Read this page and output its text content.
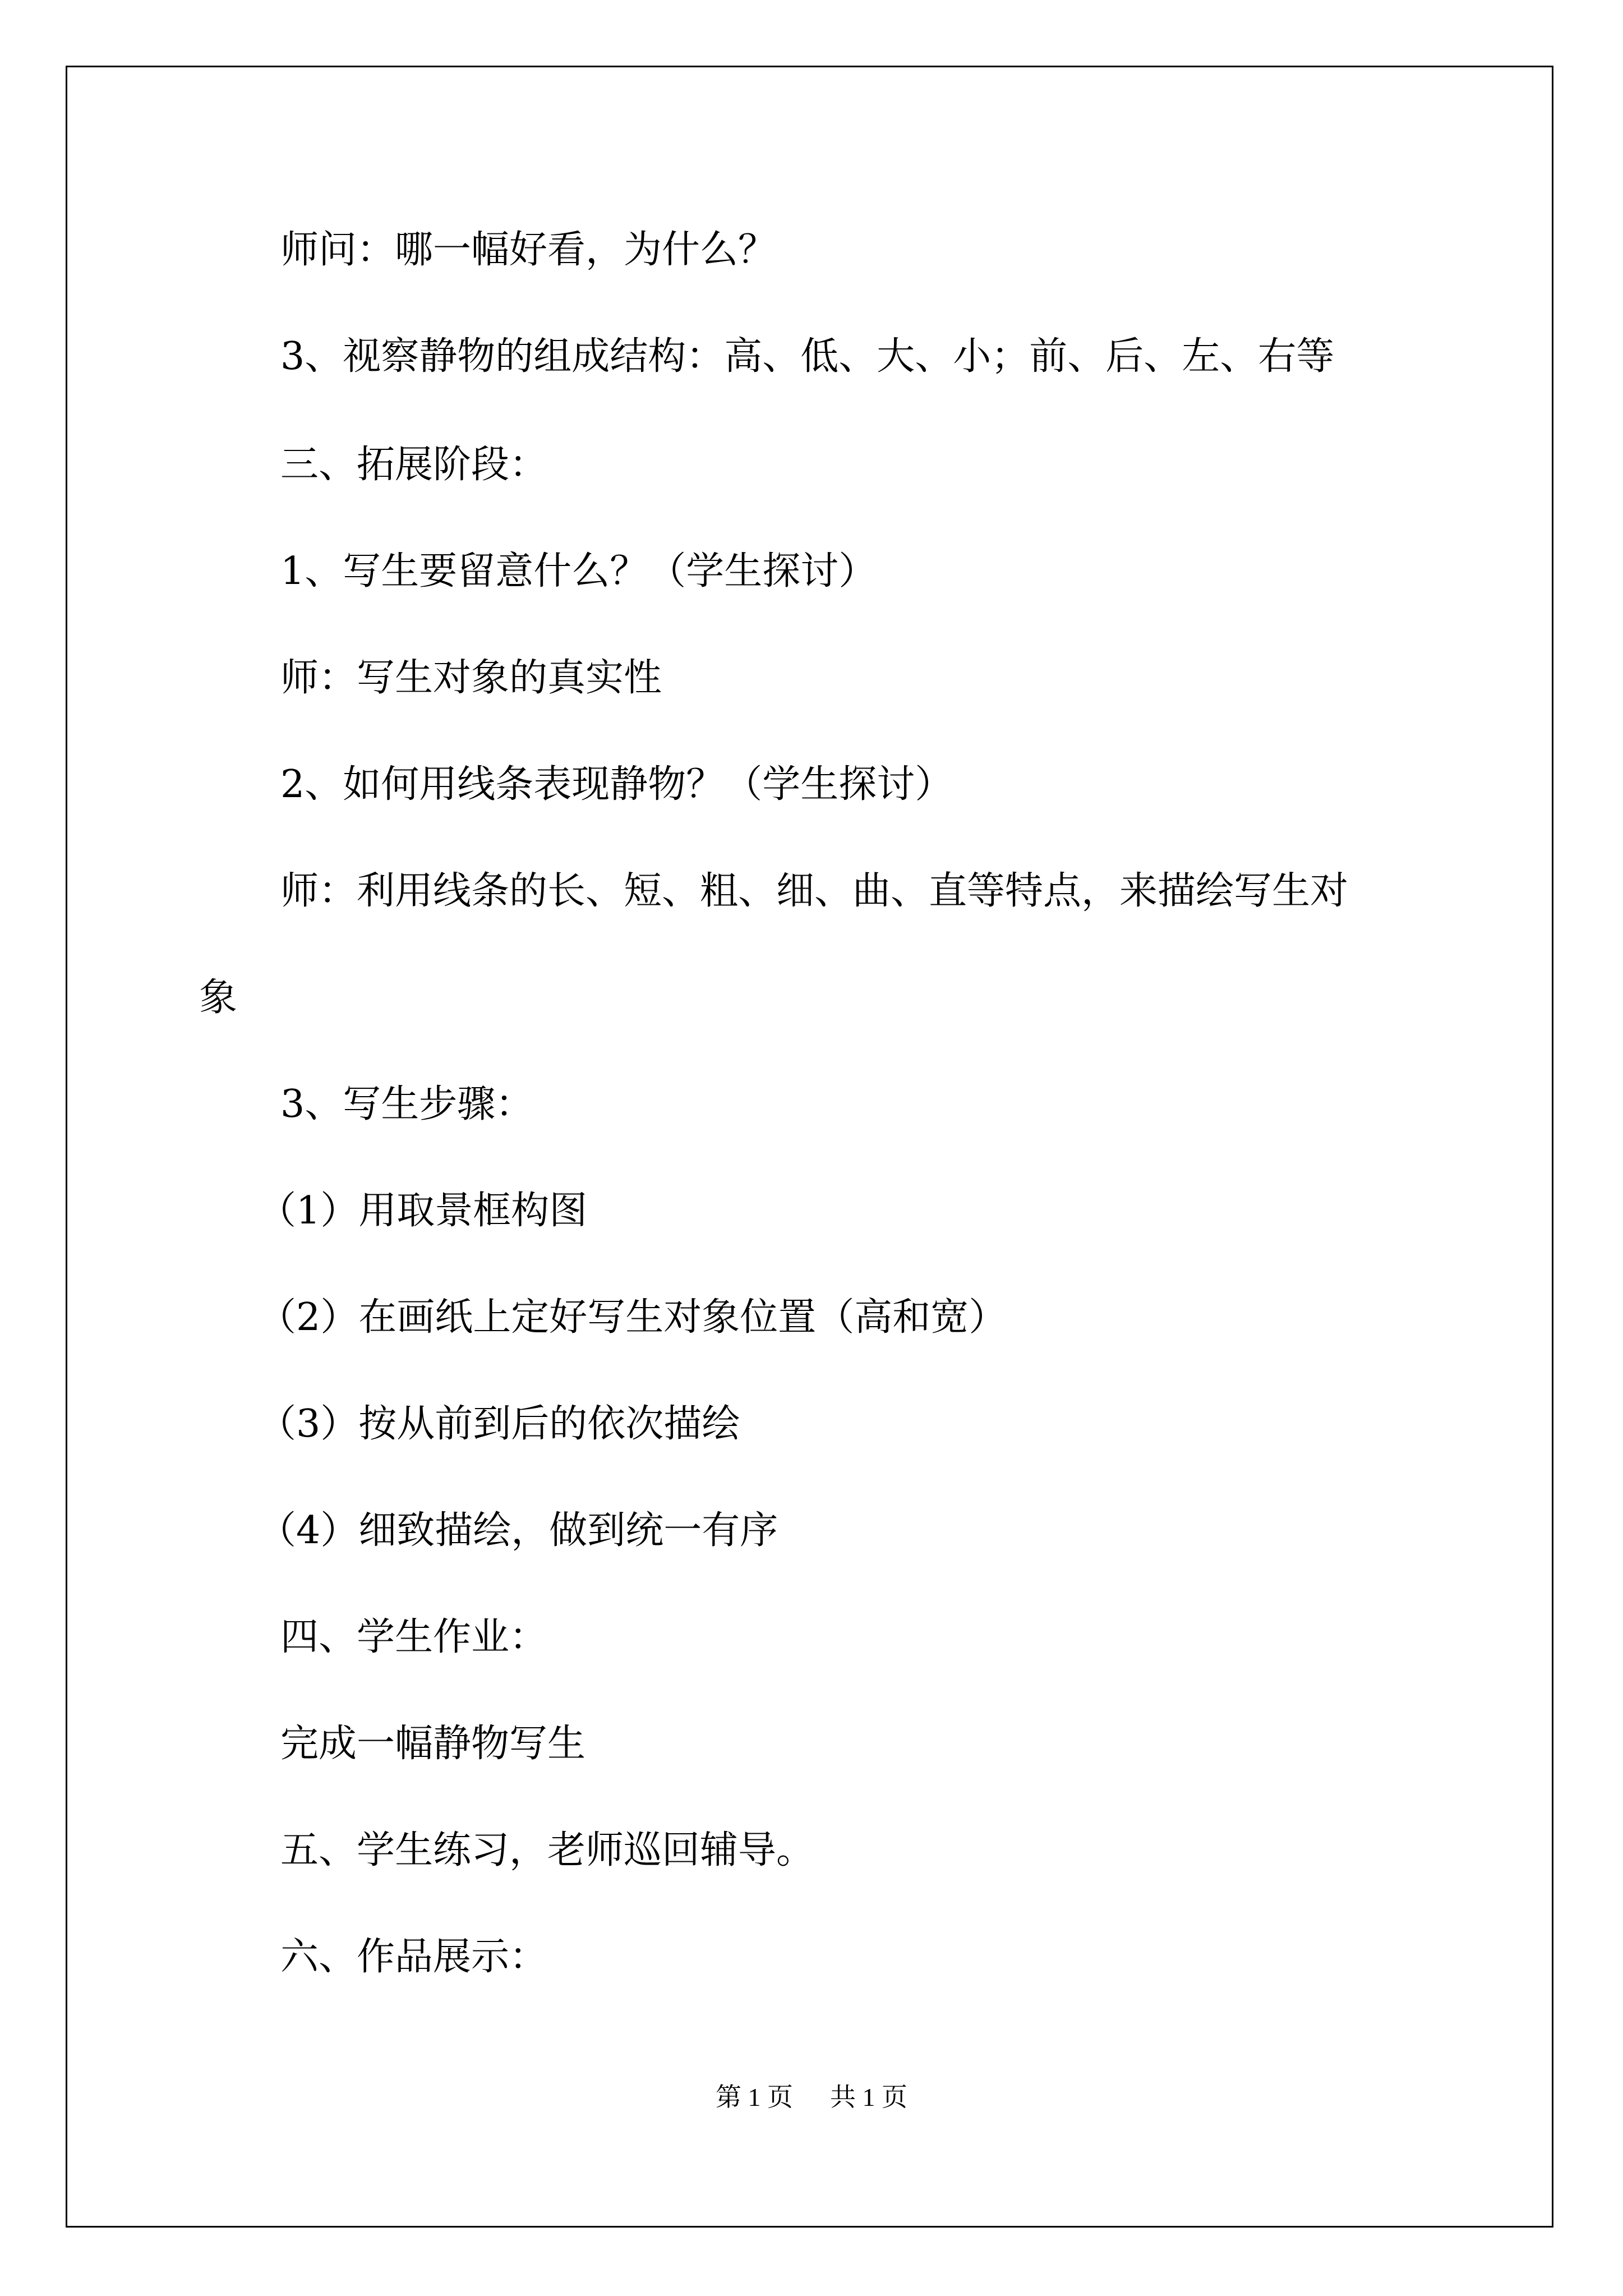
师问：哪一幅好看，为什么？
3、视察静物的组成结构：高、低、大、小；前、后、左、右等
三、拓展阶段：
1、写生要留意什么？（学生探讨）
师：写生对象的真实性
2、如何用线条表现静物？（学生探讨）
师：利用线条的长、短、粗、细、曲、直等特点，来描绘写生对
象
3、写生步骤：
（1）用取景框构图
（2）在画纸上定好写生对象位置（高和宽）
（3）按从前到后的依次描绘
（4）细致描绘，做到统一有序
四、学生作业：
完成一幅静物写生
五、学生练习，老师巡回辅导。
六、作品展示：
第 1 页 共 1 页
